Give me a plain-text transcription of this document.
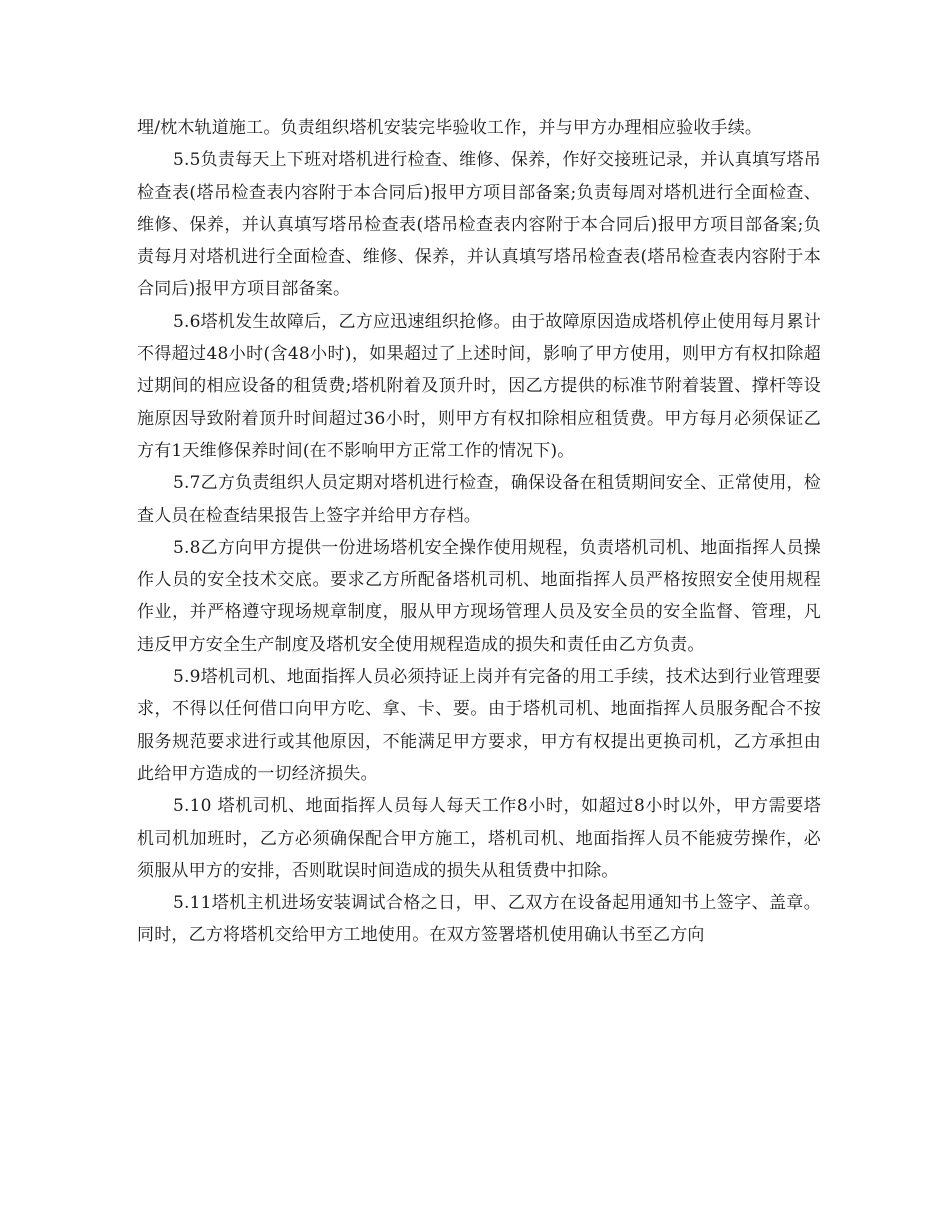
埋/枕木轨道施工。负责组织塔机安装完毕验收工作，并与甲方办理相应验收手续。

5.5负责每天上下班对塔机进行检查、维修、保养，作好交接班记录，并认真填写塔吊检查表(塔吊检查表内容附于本合同后)报甲方项目部备案;负责每周对塔机进行全面检查、维修、保养，并认真填写塔吊检查表(塔吊检查表内容附于本合同后)报甲方项目部备案;负责每月对塔机进行全面检查、维修、保养，并认真填写塔吊检查表(塔吊检查表内容附于本合同后)报甲方项目部备案。

5.6塔机发生故障后，乙方应迅速组织抢修。由于故障原因造成塔机停止使用每月累计不得超过48小时(含48小时)，如果超过了上述时间，影响了甲方使用，则甲方有权扣除超过期间的相应设备的租赁费;塔机附着及顶升时，因乙方提供的标准节附着装置、撑杆等设施原因导致附着顶升时间超过36小时，则甲方有权扣除相应租赁费。甲方每月必须保证乙方有1天维修保养时间(在不影响甲方正常工作的情况下)。

5.7乙方负责组织人员定期对塔机进行检查，确保设备在租赁期间安全、正常使用，检查人员在检查结果报告上签字并给甲方存档。

5.8乙方向甲方提供一份进场塔机安全操作使用规程，负责塔机司机、地面指挥人员操作人员的安全技术交底。要求乙方所配备塔机司机、地面指挥人员严格按照安全使用规程作业，并严格遵守现场规章制度，服从甲方现场管理人员及安全员的安全监督、管理，凡违反甲方安全生产制度及塔机安全使用规程造成的损失和责任由乙方负责。

5.9塔机司机、地面指挥人员必须持证上岗并有完备的用工手续，技术达到行业管理要求，不得以任何借口向甲方吃、拿、卡、要。由于塔机司机、地面指挥人员服务配合不按服务规范要求进行或其他原因，不能满足甲方要求，甲方有权提出更换司机，乙方承担由此给甲方造成的一切经济损失。

5.10 塔机司机、地面指挥人员每人每天工作8小时，如超过8小时以外，甲方需要塔机司机加班时，乙方必须确保配合甲方施工，塔机司机、地面指挥人员不能疲劳操作，必须服从甲方的安排，否则耽误时间造成的损失从租赁费中扣除。

5.11塔机主机进场安装调试合格之日，甲、乙双方在设备起用通知书上签字、盖章。同时，乙方将塔机交给甲方工地使用。在双方签署塔机使用确认书至乙方向
